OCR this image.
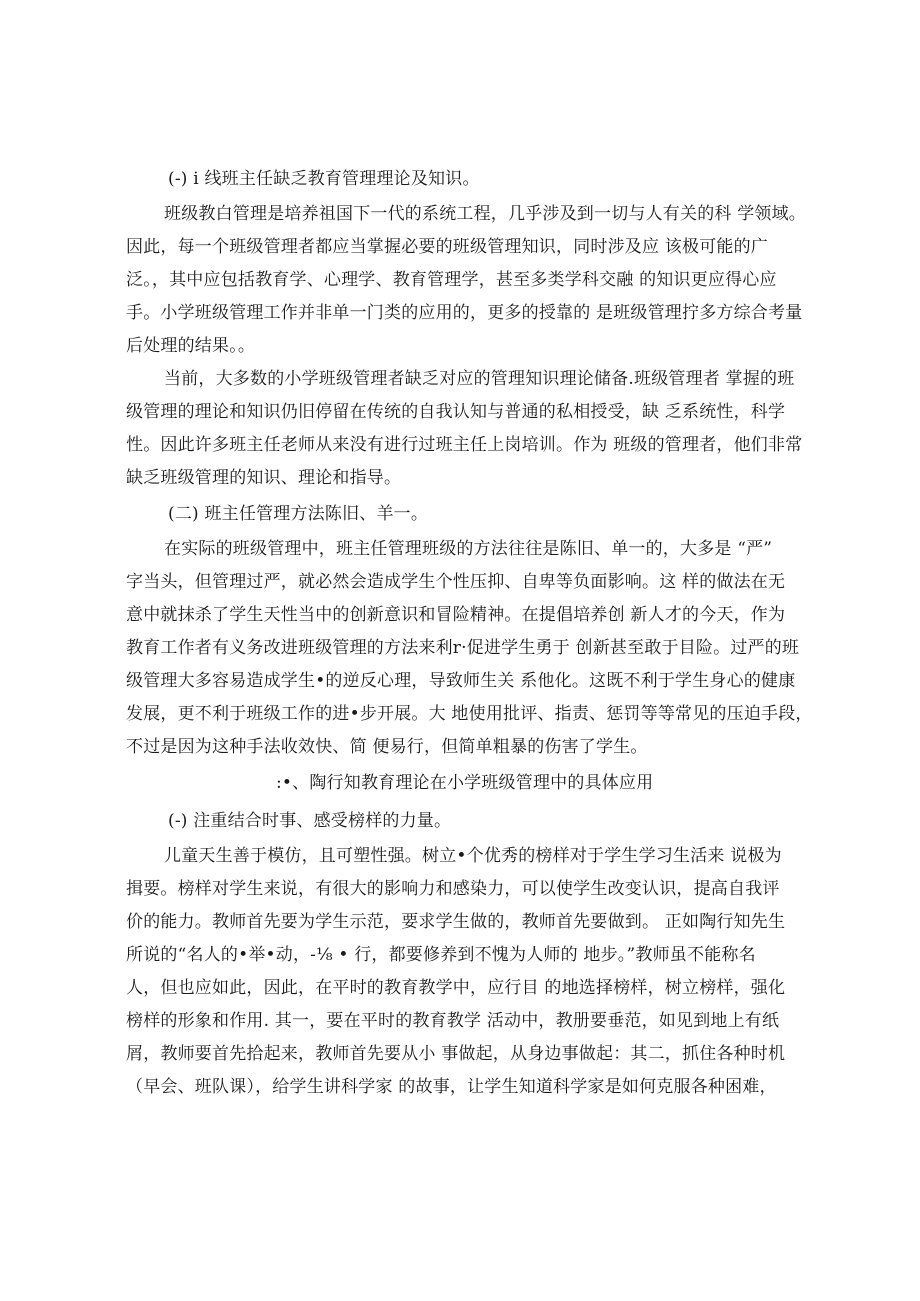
(-) i 线班主任缺乏教育管理理论及知识。
班级教白管理是培养祖国下一代的系统工程，几乎涉及到一切与人有关的科 学领域。
因此，每一个班级管理者都应当掌握必要的班级管理知识，同时涉及应 该极可能的广
泛。，其中应包括教育学、心理学、教育管理学，甚至多类学科交融 的知识更应得心应
手。小学班级管理工作并非单一门类的应用的，更多的授靠的 是班级管理拧多方综合考量
后处理的结果。。
当前，大多数的小学班级管理者缺乏对应的管理知识理论储备.班级管理者 掌握的班
级管理的理论和知识仍旧停留在传统的自我认知与普通的私相授受，缺 乏系统性，科学
性。因此许多班主任老师从来没有进行过班主任上岗培训。作为 班级的管理者，他们非常
缺乏班级管理的知识、理论和指导。
(二) 班主任管理方法陈旧、羊一。
在实际的班级管理中，班主任管理班级的方法往往是陈旧、单一的，大多是 “严”
字当头，但管理过严，就必然会造成学生个性压抑、自卑等负面影响。这 样的做法在无
意中就抹杀了学生天性当中的创新意识和冒险精神。在提倡培养创 新人才的今天，作为
教育工作者有义务改进班级管理的方法来利r·促进学生勇于 创新甚至敢于目险。过严的班
级管理大多容易造成学生•的逆反心理，导致师生关 系他化。这既不利于学生身心的健康
发展，更不利于班级工作的进•步开展。大 地使用批评、指责、惩罚等等常见的压迫手段，
不过是因为这种手法收效快、简 便易行，但简单粗暴的伤害了学生。
:•、陶行知教育理论在小学班级管理中的具体应用
(-) 注重结合时事、感受榜样的力量。
儿童天生善于模仿，且可塑性强。树立•个优秀的榜样对于学生学习生活来 说极为
揖要。榜样对学生来说，有很大的影响力和感染力，可以使学生改变认识，提高自我评
价的能力。教师首先要为学生示范，要求学生做的，教师首先要做到。 正如陶行知先生
所说的“名人的•举•动，-⅛ • 行，都要修养到不愧为人师的 地步。”教师虽不能称名
人，但也应如此，因此，在平时的教育教学中，应行目 的地选择榜样，树立榜样，强化
榜样的形象和作用. 其一，要在平时的教育教学 活动中，教册要垂范，如见到地上有纸
屑，教师要首先拾起来，教师首先要从小 事做起，从身边事做起：其二，抓住各种时机
（早会、班队课），给学生讲科学家 的故事，让学生知道科学家是如何克服各种困难，
